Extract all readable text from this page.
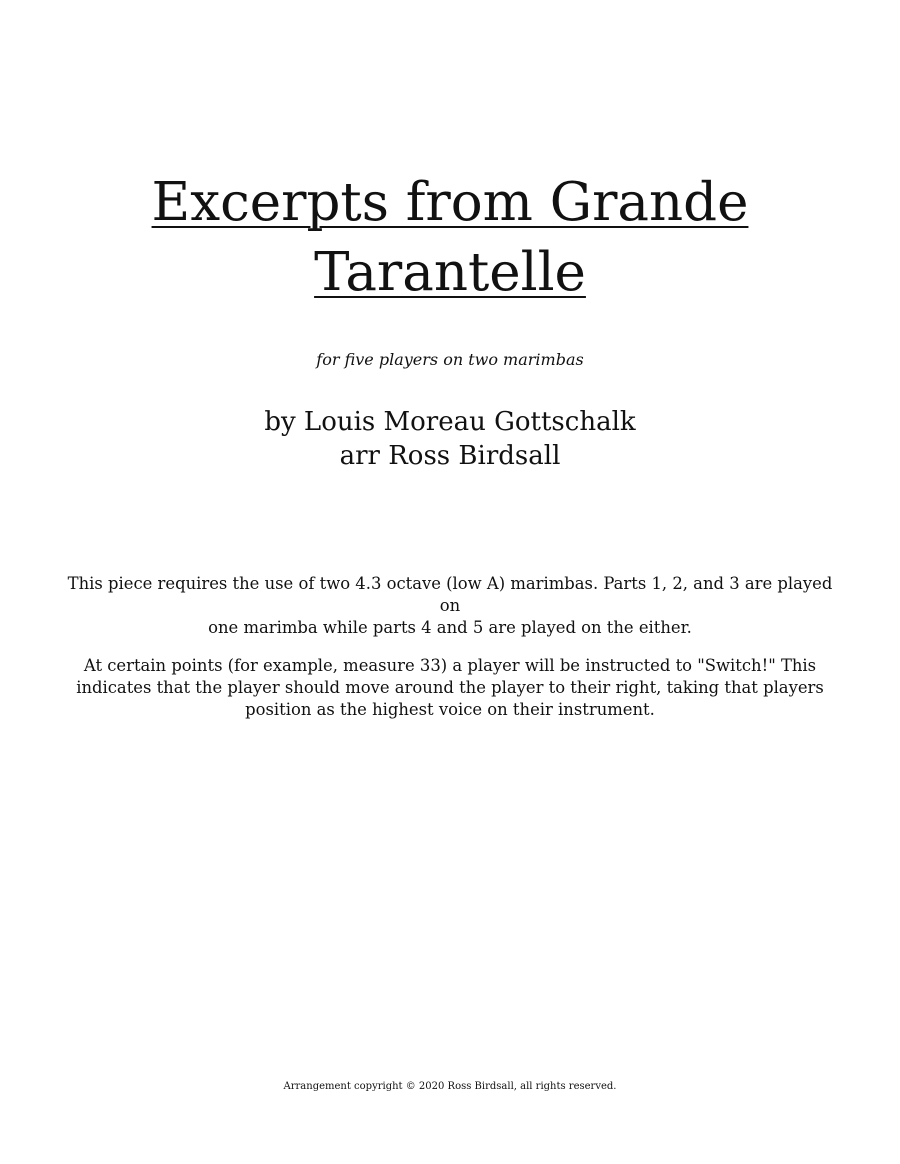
Excerpts from Grande
Tarantelle

for five players on two marimbas

by Louis Moreau Gottschalk
arr Ross Birdsall

This piece requires the use of two 4.3 octave (low A) marimbas. Parts 1, 2, and 3 are played on
one marimba while parts 4 and 5 are played on the either.

At certain points (for example, measure 33) a player will be instructed to "Switch!" This
indicates that the player should move around the player to their right, taking that players
position as the highest voice on their instrument.

Arrangement copyright © 2020 Ross Birdsall, all rights reserved.
